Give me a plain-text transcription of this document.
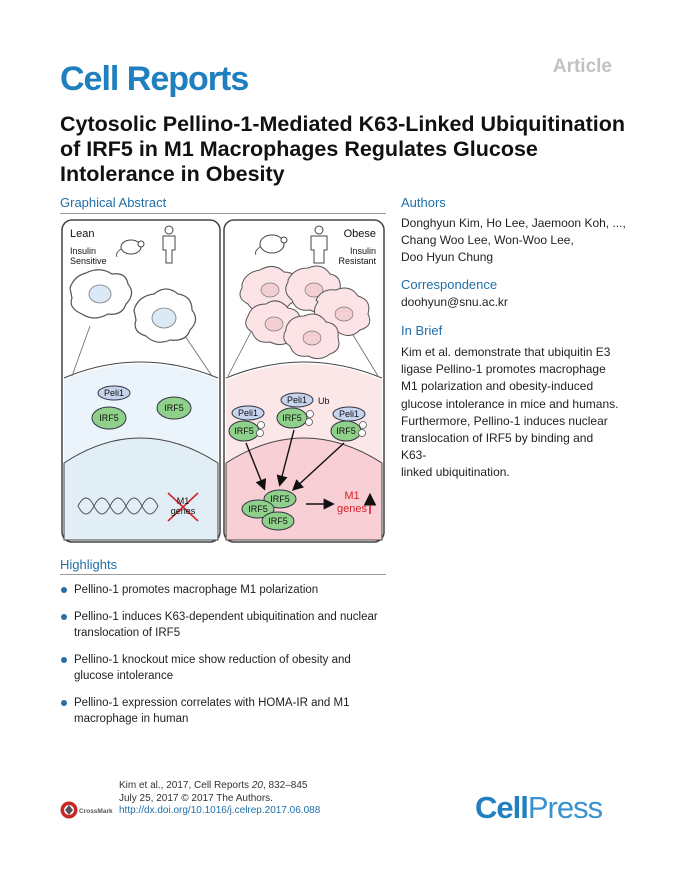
Cell Reports	Article
Cytosolic Pellino-1-Mediated K63-Linked Ubiquitination of IRF5 in M1 Macrophages Regulates Glucose Intolerance in Obesity
Graphical Abstract
Lean
Insulin
Sensitive
Peli1
IRF5
IRF5
M1
genes
Obese
Insulin
Resistant
Peli1
Peli1
Peli1
IRF5
IRF5
IRF5
Ub
IRF5
IRF5
IRF5
M1
genes
Authors
Donghyun Kim, Ho Lee, Jaemoon Koh, ...,
Chang Woo Lee, Won-Woo Lee,
Doo Hyun Chung
Correspondence
doohyun@snu.ac.kr
In Brief
Kim et al. demonstrate that ubiquitin E3
ligase Pellino-1 promotes macrophage
M1 polarization and obesity-induced
glucose intolerance in mice and humans.
Furthermore, Pellino-1 induces nuclear
translocation of IRF5 by binding and K63-
linked ubiquitination.
Highlights
Pellino-1 promotes macrophage M1 polarization
Pellino-1 induces K63-dependent ubiquitination and nuclear
translocation of IRF5
Pellino-1 knockout mice show reduction of obesity and
glucose intolerance
Pellino-1 expression correlates with HOMA-IR and M1
macrophage in human
CrossMark
Kim et al., 2017, Cell Reports 20, 832–845
July 25, 2017 © 2017 The Authors.
http://dx.doi.org/10.1016/j.celrep.2017.06.088	CellPress
